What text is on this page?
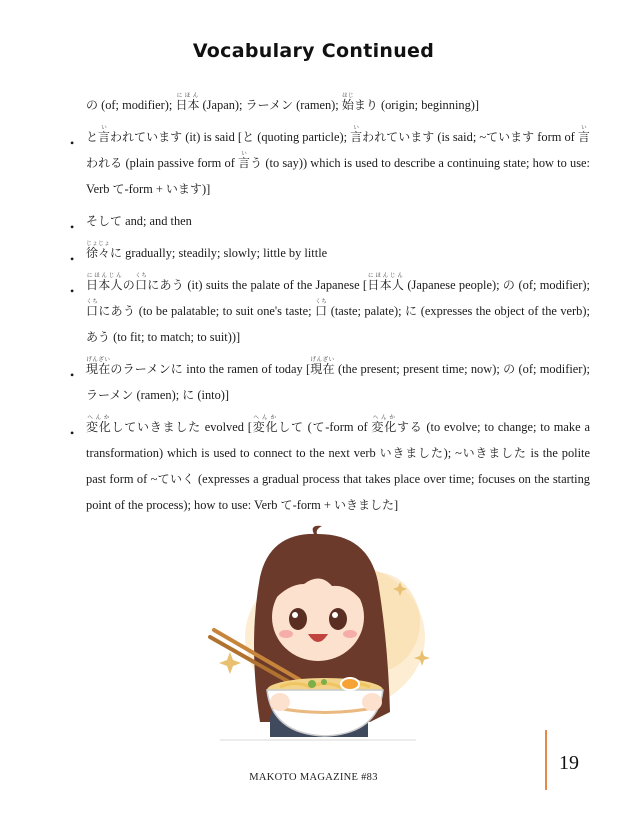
Vocabulary Continued

の (of; modifier); 日本にほん (Japan); ラーメン (ramen); 始はじまり (origin; beginning)]

• と言いわれています (it) is said [と (quoting particle); 言いわれています (is said; ~ています form of 言いわれる (plain passive form of 言いう (to say)) which is used to describe a continuing state; how to use: Verb て-form + います)]

• そして and; and then

• 徐々じょじょに gradually; steadily; slowly; little by little

• 日本人にほんじんの口くちにあう (it) suits the palate of the Japanese [日本人にほんじん (Japanese people); の (of; modifier); 口くちにあう (to be palatable; to suit one's taste; 口くち (taste; palate); に (expresses the object of the verb); あう (to fit; to match; to suit))]

• 現在げんざいのラーメンに into the ramen of today [現在げんざい (the present; present time; now); の (of; modifier); ラーメン (ramen); に (into)]

• 変化へんかしていきました evolved [変化へんかして (て-form of 変化へんかする (to evolve; to change; to make a transformation) which is used to connect to the next verb いきました); ~いきました is the polite past form of ~ていく (expresses a gradual process that takes place over time; focuses on the starting point of the process); how to use: Verb て-form + いきました]

19
MAKOTO MAGAZINE #83
